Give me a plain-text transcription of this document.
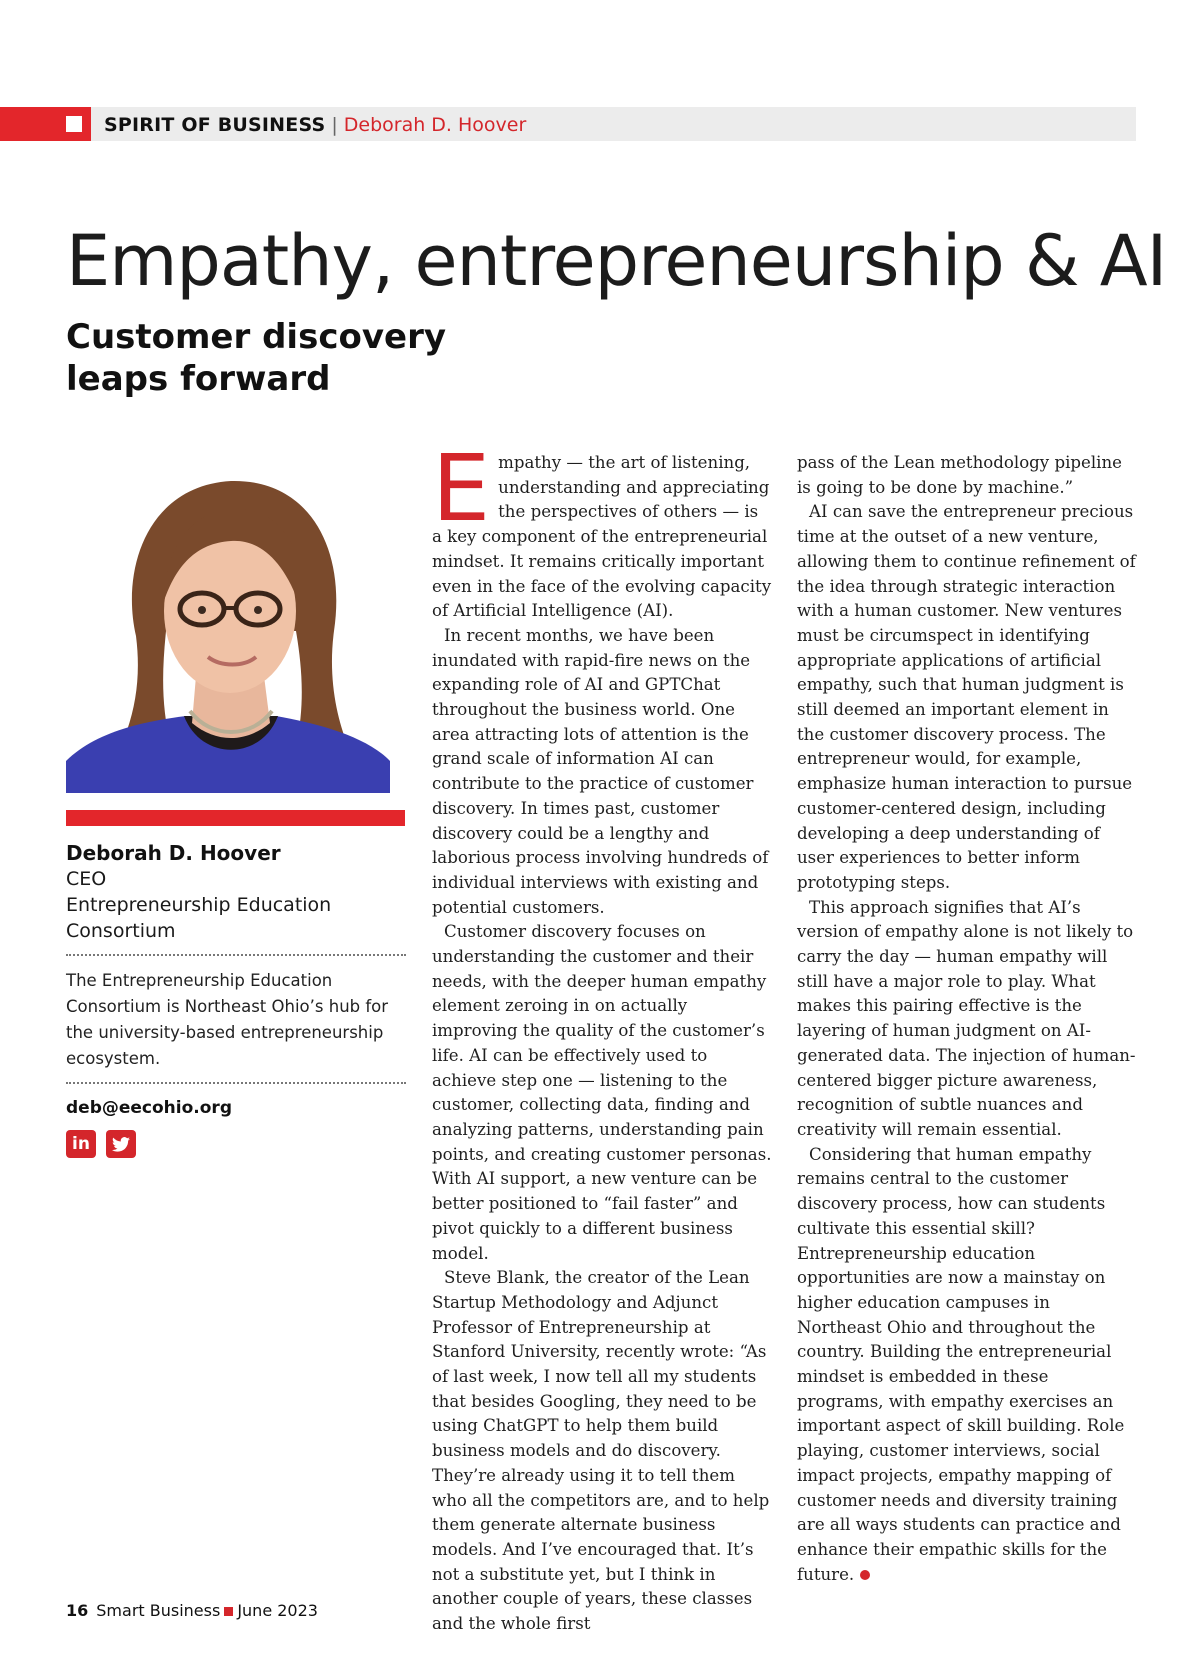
SPIRIT OF BUSINESS | Deborah D. Hoover
Empathy, entrepreneurship & AI
Customer discovery leaps forward
Deborah D. Hoover
CEO
Entrepreneurship Education Consortium
The Entrepreneurship Education Consortium is Northeast Ohio’s hub for the university-based entrepreneurship ecosystem.
deb@eecohio.org
in

Empathy — the art of listening, understanding and appreciating the perspectives of others — is a key component of the entrepreneurial mindset. It remains critically important even in the face of the evolving capacity of Artificial Intelligence (AI).

In recent months, we have been inundated with rapid-fire news on the expanding role of AI and GPTChat throughout the business world. One area attracting lots of attention is the grand scale of information AI can contribute to the practice of customer discovery. In times past, customer discovery could be a lengthy and laborious process involving hundreds of individual interviews with existing and potential customers.

Customer discovery focuses on understanding the customer and their needs, with the deeper human empathy element zeroing in on actually improving the quality of the customer’s life. AI can be effectively used to achieve step one — listening to the customer, collecting data, finding and analyzing patterns, understanding pain points, and creating customer personas. With AI support, a new venture can be better positioned to “fail faster” and pivot quickly to a different business model.

Steve Blank, the creator of the Lean Startup Methodology and Adjunct Professor of Entrepreneurship at Stanford University, recently wrote: “As of last week, I now tell all my students that besides Googling, they need to be using ChatGPT to help them build business models and do discovery. They’re already using it to tell them who all the competitors are, and to help them generate alternate business models. And I’ve encouraged that. It’s not a substitute yet, but I think in another couple of years, these classes and the whole first

pass of the Lean methodology pipeline is going to be done by machine.”

AI can save the entrepreneur precious time at the outset of a new venture, allowing them to continue refinement of the idea through strategic interaction with a human customer. New ventures must be circumspect in identifying appropriate applications of artificial empathy, such that human judgment is still deemed an important element in the customer discovery process. The entrepreneur would, for example, emphasize human interaction to pursue customer-centered design, including developing a deep understanding of user experiences to better inform prototyping steps.

This approach signifies that AI’s version of empathy alone is not likely to carry the day — human empathy will still have a major role to play. What makes this pairing effective is the layering of human judgment on AI-generated data. The injection of human-centered bigger picture awareness, recognition of subtle nuances and creativity will remain essential.

Considering that human empathy remains central to the customer discovery process, how can students cultivate this essential skill? Entrepreneurship education opportunities are now a mainstay on higher education campuses in Northeast Ohio and throughout the country. Building the entrepreneurial mindset is embedded in these programs, with empathy exercises an important aspect of skill building. Role playing, customer interviews, social impact projects, empathy mapping of customer needs and diversity training are all ways students can practice and enhance their empathic skills for the future.

16 Smart Business June 2023
